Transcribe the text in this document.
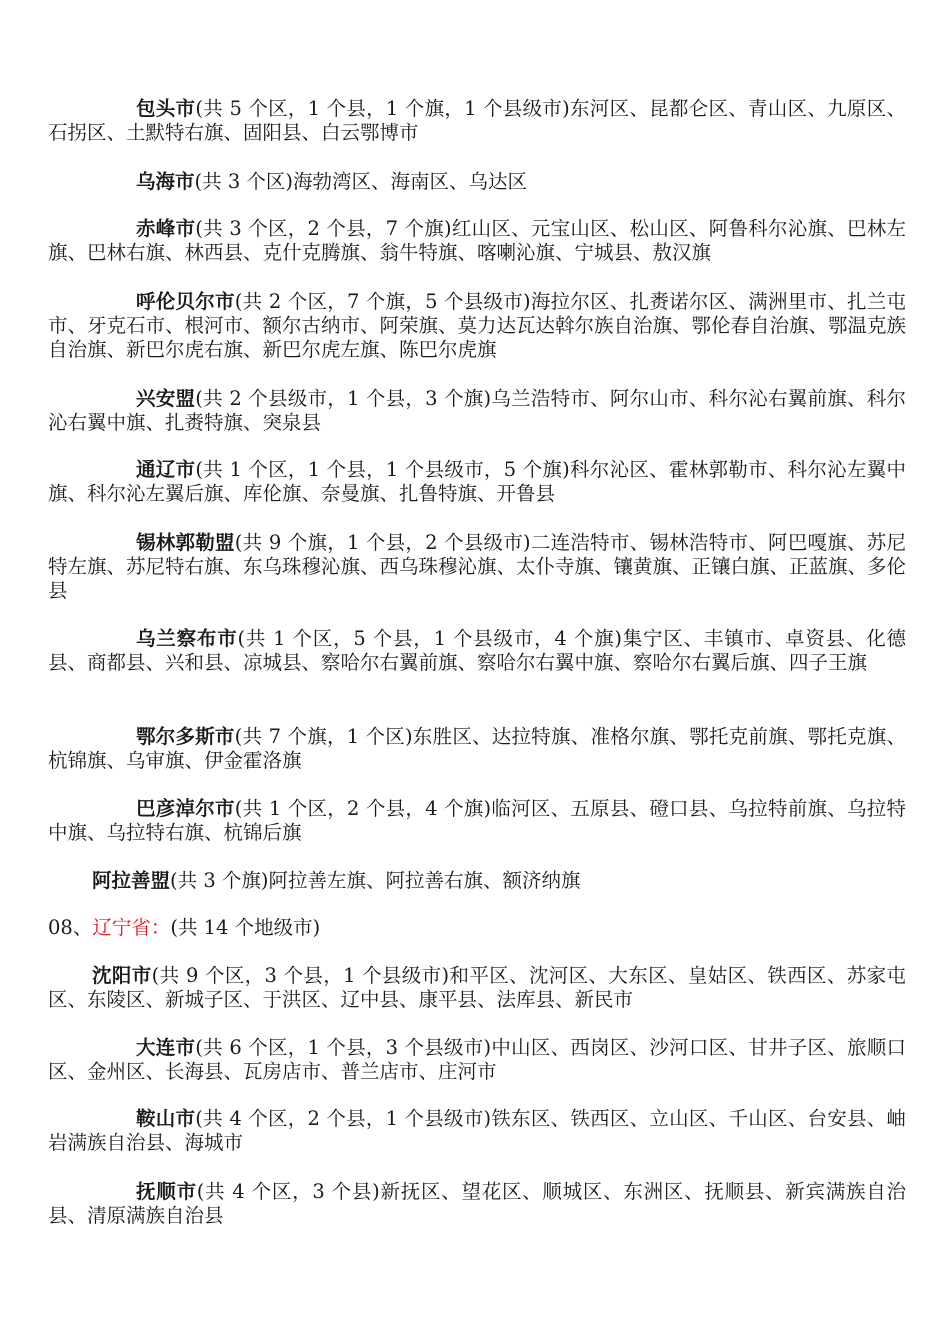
包头市(共 5 个区，1 个县，1 个旗，1 个县级市)东河区、昆都仑区、青山区、九原区、石拐区、土默特右旗、固阳县、白云鄂博市

乌海市(共 3 个区)海勃湾区、海南区、乌达区

赤峰市(共 3 个区，2 个县，7 个旗)红山区、元宝山区、松山区、阿鲁科尔沁旗、巴林左旗、巴林右旗、林西县、克什克腾旗、翁牛特旗、喀喇沁旗、宁城县、敖汉旗

呼伦贝尔市(共 2 个区，7 个旗，5 个县级市)海拉尔区、扎赉诺尔区、满洲里市、扎兰屯市、牙克石市、根河市、额尔古纳市、阿荣旗、莫力达瓦达斡尔族自治旗、鄂伦春自治旗、鄂温克族自治旗、新巴尔虎右旗、新巴尔虎左旗、陈巴尔虎旗

兴安盟(共 2 个县级市，1 个县，3 个旗)乌兰浩特市、阿尔山市、科尔沁右翼前旗、科尔沁右翼中旗、扎赉特旗、突泉县

通辽市(共 1 个区，1 个县，1 个县级市，5 个旗)科尔沁区、霍林郭勒市、科尔沁左翼中旗、科尔沁左翼后旗、库伦旗、奈曼旗、扎鲁特旗、开鲁县

锡林郭勒盟(共 9 个旗，1 个县，2 个县级市)二连浩特市、锡林浩特市、阿巴嘎旗、苏尼特左旗、苏尼特右旗、东乌珠穆沁旗、西乌珠穆沁旗、太仆寺旗、镶黄旗、正镶白旗、正蓝旗、多伦县

乌兰察布市(共 1 个区，5 个县，1 个县级市，4 个旗)集宁区、丰镇市、卓资县、化德县、商都县、兴和县、凉城县、察哈尔右翼前旗、察哈尔右翼中旗、察哈尔右翼后旗、四子王旗

鄂尔多斯市(共 7 个旗，1 个区)东胜区、达拉特旗、准格尔旗、鄂托克前旗、鄂托克旗、杭锦旗、乌审旗、伊金霍洛旗

巴彦淖尔市(共 1 个区，2 个县，4 个旗)临河区、五原县、磴口县、乌拉特前旗、乌拉特中旗、乌拉特右旗、杭锦后旗

阿拉善盟(共 3 个旗)阿拉善左旗、阿拉善右旗、额济纳旗

08、辽宁省：(共 14 个地级市)

沈阳市(共 9 个区，3 个县，1 个县级市)和平区、沈河区、大东区、皇姑区、铁西区、苏家屯区、东陵区、新城子区、于洪区、辽中县、康平县、法库县、新民市

大连市(共 6 个区，1 个县，3 个县级市)中山区、西岗区、沙河口区、甘井子区、旅顺口区、金州区、长海县、瓦房店市、普兰店市、庄河市

鞍山市(共 4 个区，2 个县，1 个县级市)铁东区、铁西区、立山区、千山区、台安县、岫岩满族自治县、海城市

抚顺市(共 4 个区，3 个县)新抚区、望花区、顺城区、东洲区、抚顺县、新宾满族自治县、清原满族自治县
